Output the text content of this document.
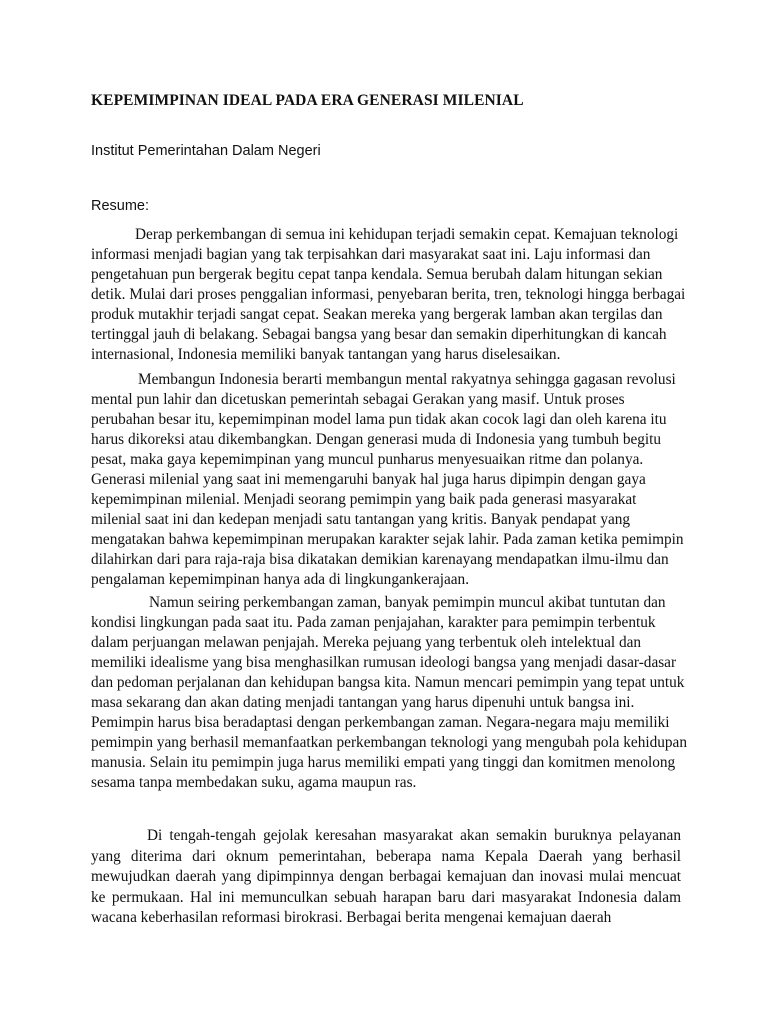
KEPEMIMPINAN IDEAL PADA ERA GENERASI MILENIAL
Institut Pemerintahan Dalam Negeri
Resume:
Derap perkembangan di semua ini kehidupan terjadi semakin cepat. Kemajuan teknologi
informasi menjadi bagian yang tak terpisahkan dari masyarakat saat ini. Laju informasi dan
pengetahuan pun bergerak begitu cepat tanpa kendala. Semua berubah dalam hitungan sekian
detik. Mulai dari proses penggalian informasi, penyebaran berita, tren, teknologi hingga berbagai
produk mutakhir terjadi sangat cepat. Seakan mereka yang bergerak lamban akan tergilas dan
tertinggal jauh di belakang. Sebagai bangsa yang besar dan semakin diperhitungkan di kancah
internasional, Indonesia memiliki banyak tantangan yang harus diselesaikan.
Membangun Indonesia berarti membangun mental rakyatnya sehingga gagasan revolusi
mental pun lahir dan dicetuskan pemerintah sebagai Gerakan yang masif. Untuk proses
perubahan besar itu, kepemimpinan model lama pun tidak akan cocok lagi dan oleh karena itu
harus dikoreksi atau dikembangkan. Dengan generasi muda di Indonesia yang tumbuh begitu
pesat, maka gaya kepemimpinan yang muncul punharus menyesuaikan ritme dan polanya.
Generasi milenial yang saat ini memengaruhi banyak hal juga harus dipimpin dengan gaya
kepemimpinan milenial. Menjadi seorang pemimpin yang baik pada generasi masyarakat
milenial saat ini dan kedepan menjadi satu tantangan yang kritis. Banyak pendapat yang
mengatakan bahwa kepemimpinan merupakan karakter sejak lahir. Pada zaman ketika pemimpin
dilahirkan dari para raja-raja bisa dikatakan demikian karenayang mendapatkan ilmu-ilmu dan
pengalaman kepemimpinan hanya ada di lingkungankerajaan.
Namun seiring perkembangan zaman, banyak pemimpin muncul akibat tuntutan dan
kondisi lingkungan pada saat itu. Pada zaman penjajahan, karakter para pemimpin terbentuk
dalam perjuangan melawan penjajah. Mereka pejuang yang terbentuk oleh intelektual dan
memiliki idealisme yang bisa menghasilkan rumusan ideologi bangsa yang menjadi dasar-dasar
dan pedoman perjalanan dan kehidupan bangsa kita. Namun mencari pemimpin yang tepat untuk
masa sekarang dan akan dating menjadi tantangan yang harus dipenuhi untuk bangsa ini.
Pemimpin harus bisa beradaptasi dengan perkembangan zaman. Negara-negara maju memiliki
pemimpin yang berhasil memanfaatkan perkembangan teknologi yang mengubah pola kehidupan
manusia. Selain itu pemimpin juga harus memiliki empati yang tinggi dan komitmen menolong
sesama tanpa membedakan suku, agama maupun ras.
Di tengah-tengah gejolak keresahan masyarakat akan semakin buruknya pelayanan yang diterima dari oknum pemerintahan, beberapa nama Kepala Daerah yang berhasil mewujudkan daerah yang dipimpinnya dengan berbagai kemajuan dan inovasi mulai mencuat ke permukaan. Hal ini memunculkan sebuah harapan baru dari masyarakat Indonesia dalam wacana keberhasilan reformasi birokrasi. Berbagai berita mengenai kemajuan daerah
